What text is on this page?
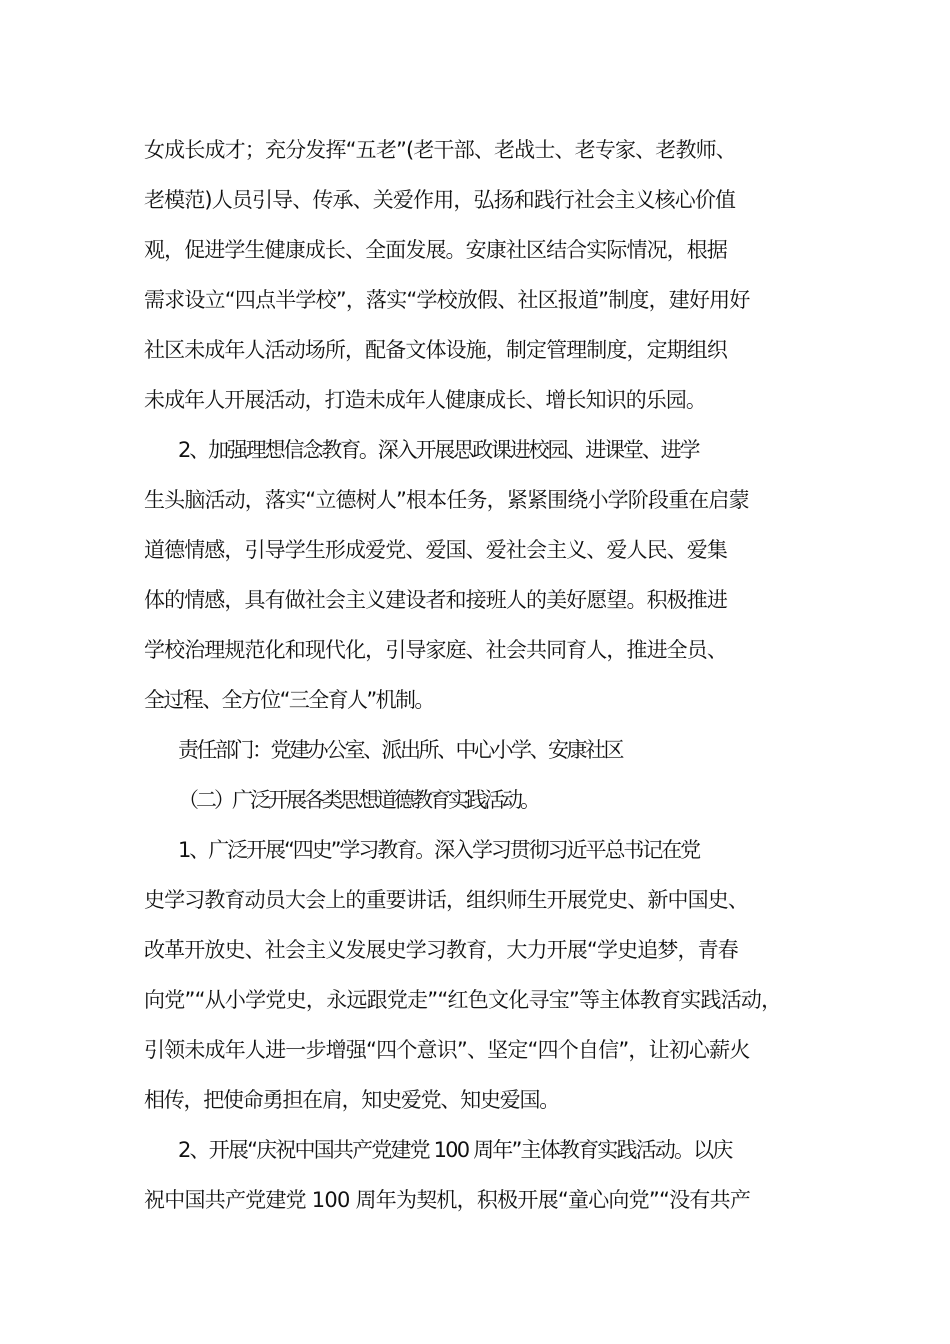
女成长成才；充分发挥“五老”(老干部、老战士、老专家、老教师、

老模范)人员引导、传承、关爱作用，弘扬和践行社会主义核心价值

观，促进学生健康成长、全面发展。安康社区结合实际情况，根据

需求设立“四点半学校”，落实“学校放假、社区报道”制度，建好用好

社区未成年人活动场所，配备文体设施，制定管理制度，定期组织

未成年人开展活动，打造未成年人健康成长、增长知识的乐园。

2、加强理想信念教育。深入开展思政课进校园、进课堂、进学

生头脑活动，落实“立德树人”根本任务，紧紧围绕小学阶段重在启蒙

道德情感，引导学生形成爱党、爱国、爱社会主义、爱人民、爱集

体的情感，具有做社会主义建设者和接班人的美好愿望。积极推进

学校治理规范化和现代化，引导家庭、社会共同育人，推进全员、

全过程、全方位“三全育人”机制。

责任部门：党建办公室、派出所、中心小学、安康社区

（二）广泛开展各类思想道德教育实践活动。

1、广泛开展“四史”学习教育。深入学习贯彻习近平总书记在党

史学习教育动员大会上的重要讲话，组织师生开展党史、新中国史、

改革开放史、社会主义发展史学习教育，大力开展“学史追梦，青春

向党”“从小学党史，永远跟党走”“红色文化寻宝”等主体教育实践活动，

引领未成年人进一步增强“四个意识”、坚定“四个自信”，让初心薪火

相传，把使命勇担在肩，知史爱党、知史爱国。

2、开展“庆祝中国共产党建党 100 周年”主体教育实践活动。以庆

祝中国共产党建党 100 周年为契机，积极开展“童心向党”“没有共产
